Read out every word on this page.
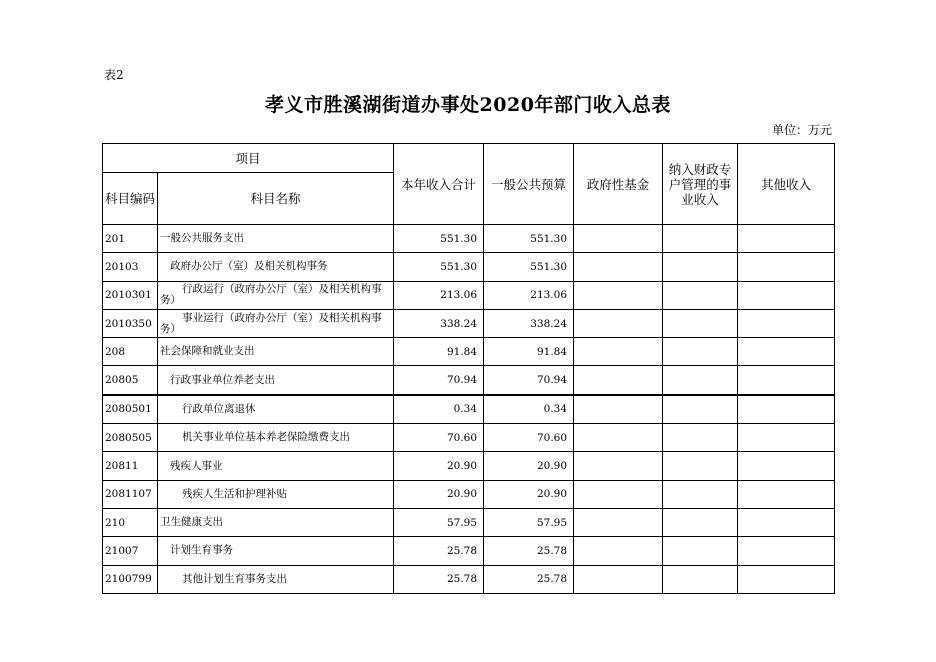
表2
孝义市胜溪湖街道办事处2020年部门收入总表
单位：万元
项目		本年收入合计	一般公共预算	政府性基金	纳入财政专户管理的事业收入	其他收入
科目编码	科目名称					
201	一般公共服务支出	551.30	551.30			
20103	政府办公厅（室）及相关机构事务	551.30	551.30			
2010301	行政运行（政府办公厅（室）及相关机构事务）	213.06	213.06			
2010350	事业运行（政府办公厅（室）及相关机构事务）	338.24	338.24			
208	社会保障和就业支出	91.84	91.84			
20805	行政事业单位养老支出	70.94	70.94			
2080501	行政单位离退休	0.34	0.34			
2080505	机关事业单位基本养老保险缴费支出	70.60	70.60			
20811	残疾人事业	20.90	20.90			
2081107	残疾人生活和护理补贴	20.90	20.90			
210	卫生健康支出	57.95	57.95			
21007	计划生育事务	25.78	25.78			
2100799	其他计划生育事务支出	25.78	25.78			
